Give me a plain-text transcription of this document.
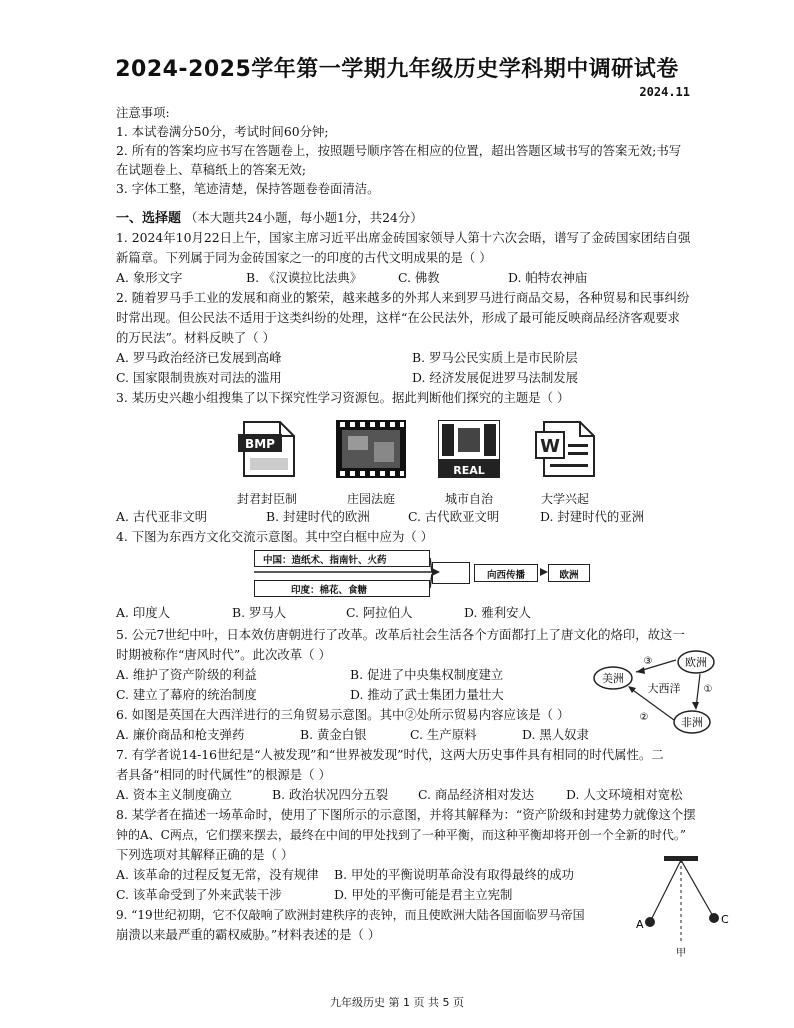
2024-2025学年第一学期九年级历史学科期中调研试卷
2024.11
注意事项:
1. 本试卷满分50分，考试时间60分钟;
2. 所有的答案均应书写在答题卷上，按照题号顺序答在相应的位置，超出答题区域书写的答案无效;书写
在试题卷上、草稿纸上的答案无效;
3. 字体工整，笔迹清楚，保持答题卷卷面清洁。
一、选择题 （本大题共24小题，每小题1分，共24分）
1. 2024年10月22日上午，国家主席习近平出席金砖国家领导人第十六次会晤，谱写了金砖国家团结自强
新篇章。下列属于同为金砖国家之一的印度的古代文明成果的是（ ）
A. 象形文字	B. 《汉谟拉比法典》	C. 佛教	D. 帕特农神庙
2. 随着罗马手工业的发展和商业的繁荣，越来越多的外邦人来到罗马进行商品交易，各种贸易和民事纠纷
时常出现。但公民法不适用于这类纠纷的处理，这样“在公民法外，形成了最可能反映商品经济客观要求
的万民法”。材料反映了（ ）
A. 罗马政治经济已发展到高峰	B. 罗马公民实质上是市民阶层
C. 国家限制贵族对司法的滥用	D. 经济发展促进罗马法制发展
3. 某历史兴趣小组搜集了以下探究性学习资源包。据此判断他们探究的主题是（ ）
BMP
REAL
W
封君封臣制	庄园法庭	城市自治	大学兴起
A. 古代亚非文明	B. 封建时代的欧洲	C. 古代欧亚文明	D. 封建时代的亚洲
4. 下图为东西方文化交流示意图。其中空白框中应为（ ）
中国：造纸术、指南针、火药
印度：棉花、食糖
向西传播	欧洲
A. 印度人	B. 罗马人	C. 阿拉伯人	D. 雅利安人
5. 公元7世纪中叶，日本效仿唐朝进行了改革。改革后社会生活各个方面都打上了唐文化的烙印，故这一
时期被称作“唐风时代”。此次改革（ ）
A. 维护了资产阶级的利益	B. 促进了中央集权制度建立
C. 建立了幕府的统治制度	D. 推动了武士集团力量壮大
美洲
欧洲
非洲
大西洋
③
①
②
6. 如图是英国在大西洋进行的三角贸易示意图。其中②处所示贸易内容应该是（ ）
A. 廉价商品和枪支弹药	B. 黄金白银	C. 生产原料	D. 黑人奴隶
7. 有学者说14-16世纪是“人被发现”和“世界被发现”时代，这两大历史事件具有相同的时代属性。二
者具备“相同的时代属性”的根源是（ ）
A. 资本主义制度确立	B. 政治状况四分五裂 C. 商品经济相对发达	D. 人文环境相对宽松
8. 某学者在描述一场革命时，使用了下图所示的示意图，并将其解释为：“资产阶级和封建势力就像这个摆
钟的A、C两点，它们摆来摆去，最终在中间的甲处找到了一种平衡，而这种平衡却将开创一个全新的时代。”
下列选项对其解释正确的是（ ）
A. 该革命的过程反复无常，没有规律 B. 甲处的平衡说明革命没有取得最终的成功
C. 该革命受到了外来武装干涉	D. 甲处的平衡可能是君主立宪制
A	C
甲
9. “19世纪初期，它不仅敲响了欧洲封建秩序的丧钟，而且使欧洲大陆各国面临罗马帝国
崩溃以来最严重的霸权威胁。”材料表述的是（ ）
九年级历史 第 1 页 共 5 页
